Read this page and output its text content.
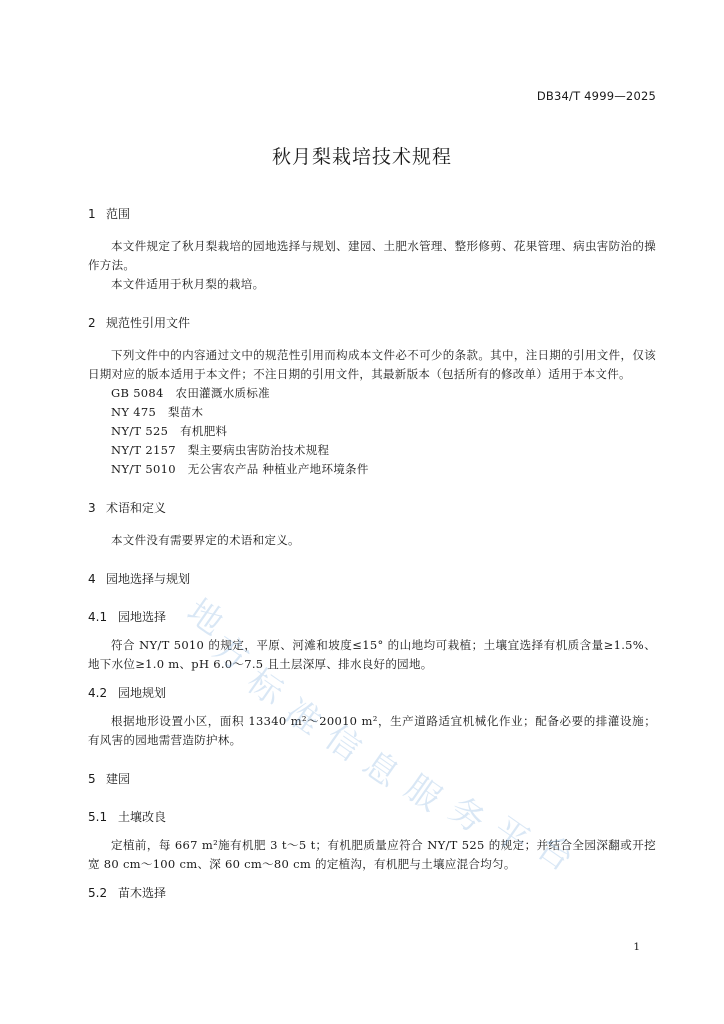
DB34/T 4999—2025
秋月梨栽培技术规程
1 范围

本文件规定了秋月梨栽培的园地选择与规划、建园、土肥水管理、整形修剪、花果管理、病虫害防治的操作方法。

本文件适用于秋月梨的栽培。

2 规范性引用文件

下列文件中的内容通过文中的规范性引用而构成本文件必不可少的条款。其中，注日期的引用文件，仅该日期对应的版本适用于本文件；不注日期的引用文件，其最新版本（包括所有的修改单）适用于本文件。

GB 5084 农田灌溉水质标准
NY 475 梨苗木
NY/T 525 有机肥料
NY/T 2157 梨主要病虫害防治技术规程
NY/T 5010 无公害农产品 种植业产地环境条件
3 术语和定义

本文件没有需要界定的术语和定义。

4 园地选择与规划
4.1 园地选择

符合 NY/T 5010 的规定，平原、河滩和坡度≤15° 的山地均可栽植；土壤宜选择有机质含量≥1.5%、地下水位≥1.0 m、pH 6.0～7.5 且土层深厚、排水良好的园地。

4.2 园地规划

根据地形设置小区，面积 13340 m²～20010 m²，生产道路适宜机械化作业；配备必要的排灌设施；有风害的园地需营造防护林。

5 建园
5.1 土壤改良

定植前，每 667 m²施有机肥 3 t～5 t；有机肥质量应符合 NY/T 525 的规定；并结合全园深翻或开挖宽 80 cm～100 cm、深 60 cm～80 cm 的定植沟，有机肥与土壤应混合均匀。

5.2 苗木选择
1
地
方
标
准
信
息
服
务
平
台
